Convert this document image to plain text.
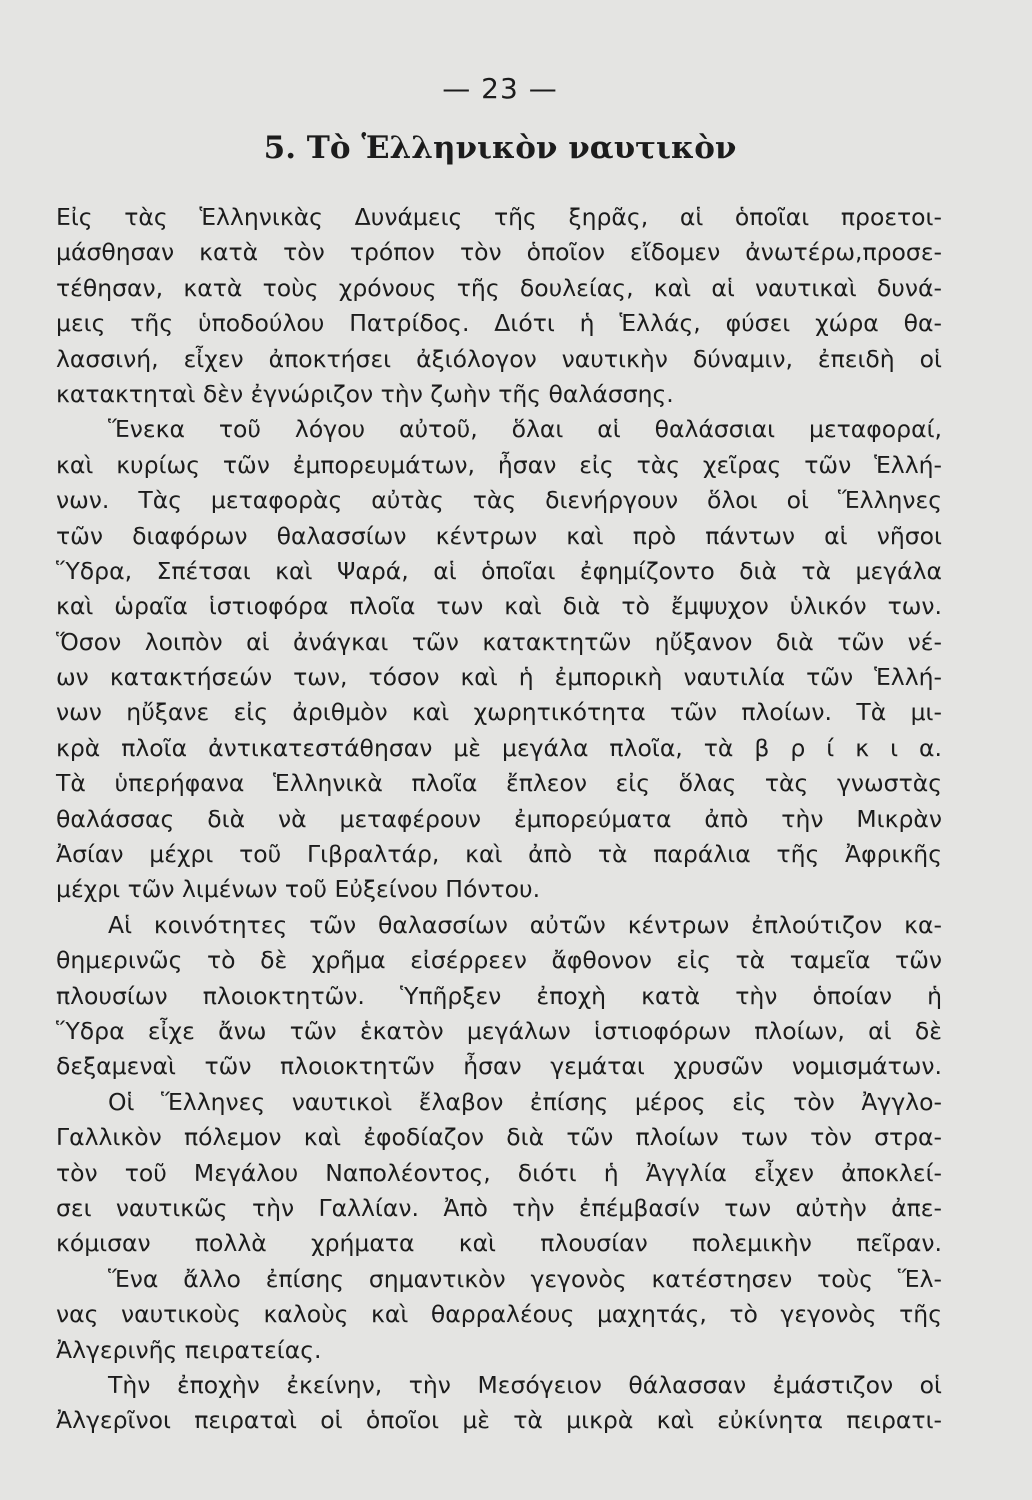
— 23 —
5. Τὸ Ἑλληνικὸν ναυτικὸν
Εἰς τὰς Ἑλληνικὰς Δυνάμεις τῆς ξηρᾶς, αἱ ὁποῖαι προετοι-
μάσθησαν κατὰ τὸν τρόπον τὸν ὁποῖον εἴδομεν ἀνωτέρω,προσε-
τέθησαν, κατὰ τοὺς χρόνους τῆς δουλείας, καὶ αἱ ναυτικαὶ δυνά-
μεις τῆς ὑποδούλου Πατρίδος. Διότι ἡ Ἑλλάς, φύσει χώρα θα-
λασσινή, εἶχεν ἀποκτήσει ἀξιόλογον ναυτικὴν δύναμιν, ἐπειδὴ οἱ
κατακτηταὶ δὲν ἐγνώριζον τὴν ζωὴν τῆς θαλάσσης.
Ἕνεκα τοῦ λόγου αὐτοῦ, ὅλαι αἱ θαλάσσιαι μεταφοραί,
καὶ κυρίως τῶν ἐμπορευμάτων, ἦσαν εἰς τὰς χεῖρας τῶν Ἑλλή-
νων. Τὰς μεταφορὰς αὐτὰς τὰς διενήργουν ὅλοι οἱ Ἕλληνες
τῶν διαφόρων θαλασσίων κέντρων καὶ πρὸ πάντων αἱ νῆσοι
Ὕδρα, Σπέτσαι καὶ Ψαρά, αἱ ὁποῖαι ἐφημίζοντο διὰ τὰ μεγάλα
καὶ ὡραῖα ἱστιοφόρα πλοῖα των καὶ διὰ τὸ ἔμψυχον ὑλικόν των.
Ὅσον λοιπὸν αἱ ἀνάγκαι τῶν κατακτητῶν ηὔξανον διὰ τῶν νέ-
ων κατακτήσεών των, τόσον καὶ ἡ ἐμπορικὴ ναυτιλία τῶν Ἑλλή-
νων ηὔξανε εἰς ἀριθμὸν καὶ χωρητικότητα τῶν πλοίων. Τὰ μι-
κρὰ πλοῖα ἀντικατεστάθησαν μὲ μεγάλα πλοῖα, τὰ β ρ ί κ ι α.
Τὰ ὑπερήφανα Ἑλληνικὰ πλοῖα ἔπλεον εἰς ὅλας τὰς γνωστὰς
θαλάσσας διὰ νὰ μεταφέρουν ἐμπορεύματα ἀπὸ τὴν Μικρὰν
Ἀσίαν μέχρι τοῦ Γιβραλτάρ, καὶ ἀπὸ τὰ παράλια τῆς Ἀφρικῆς
μέχρι τῶν λιμένων τοῦ Εὐξείνου Πόντου.
Αἱ κοινότητες τῶν θαλασσίων αὐτῶν κέντρων ἐπλούτιζον κα-
θημερινῶς τὸ δὲ χρῆμα εἰσέρρεεν ἄφθονον εἰς τὰ ταμεῖα τῶν
πλουσίων πλοιοκτητῶν. Ὑπῆρξεν ἐποχὴ κατὰ τὴν ὁποίαν ἡ
Ὕδρα εἶχε ἄνω τῶν ἑκατὸν μεγάλων ἱστιοφόρων πλοίων, αἱ δὲ
δεξαμεναὶ τῶν πλοιοκτητῶν ἦσαν γεμάται χρυσῶν νομισμάτων.
Οἱ Ἕλληνες ναυτικοὶ ἔλαβον ἐπίσης μέρος εἰς τὸν Ἀγγλο-
Γαλλικὸν πόλεμον καὶ ἐφοδίαζον διὰ τῶν πλοίων των τὸν στρα-
τὸν τοῦ Μεγάλου Ναπολέοντος, διότι ἡ Ἀγγλία εἶχεν ἀποκλεί-
σει ναυτικῶς τὴν Γαλλίαν. Ἀπὸ τὴν ἐπέμβασίν των αὐτὴν ἀπε-
κόμισαν πολλὰ χρήματα καὶ πλουσίαν πολεμικὴν πεῖραν.
Ἕνα ἄλλο ἐπίσης σημαντικὸν γεγονὸς κατέστησεν τοὺς Ἕλ-
νας ναυτικοὺς καλοὺς καὶ θαρραλέους μαχητάς, τὸ γεγονὸς τῆς
Ἀλγερινῆς πειρατείας.
Τὴν ἐποχὴν ἐκείνην, τὴν Μεσόγειον θάλασσαν ἐμάστιζον οἱ
Ἀλγερῖνοι πειραταὶ οἱ ὁποῖοι μὲ τὰ μικρὰ καὶ εὐκίνητα πειρατι-
